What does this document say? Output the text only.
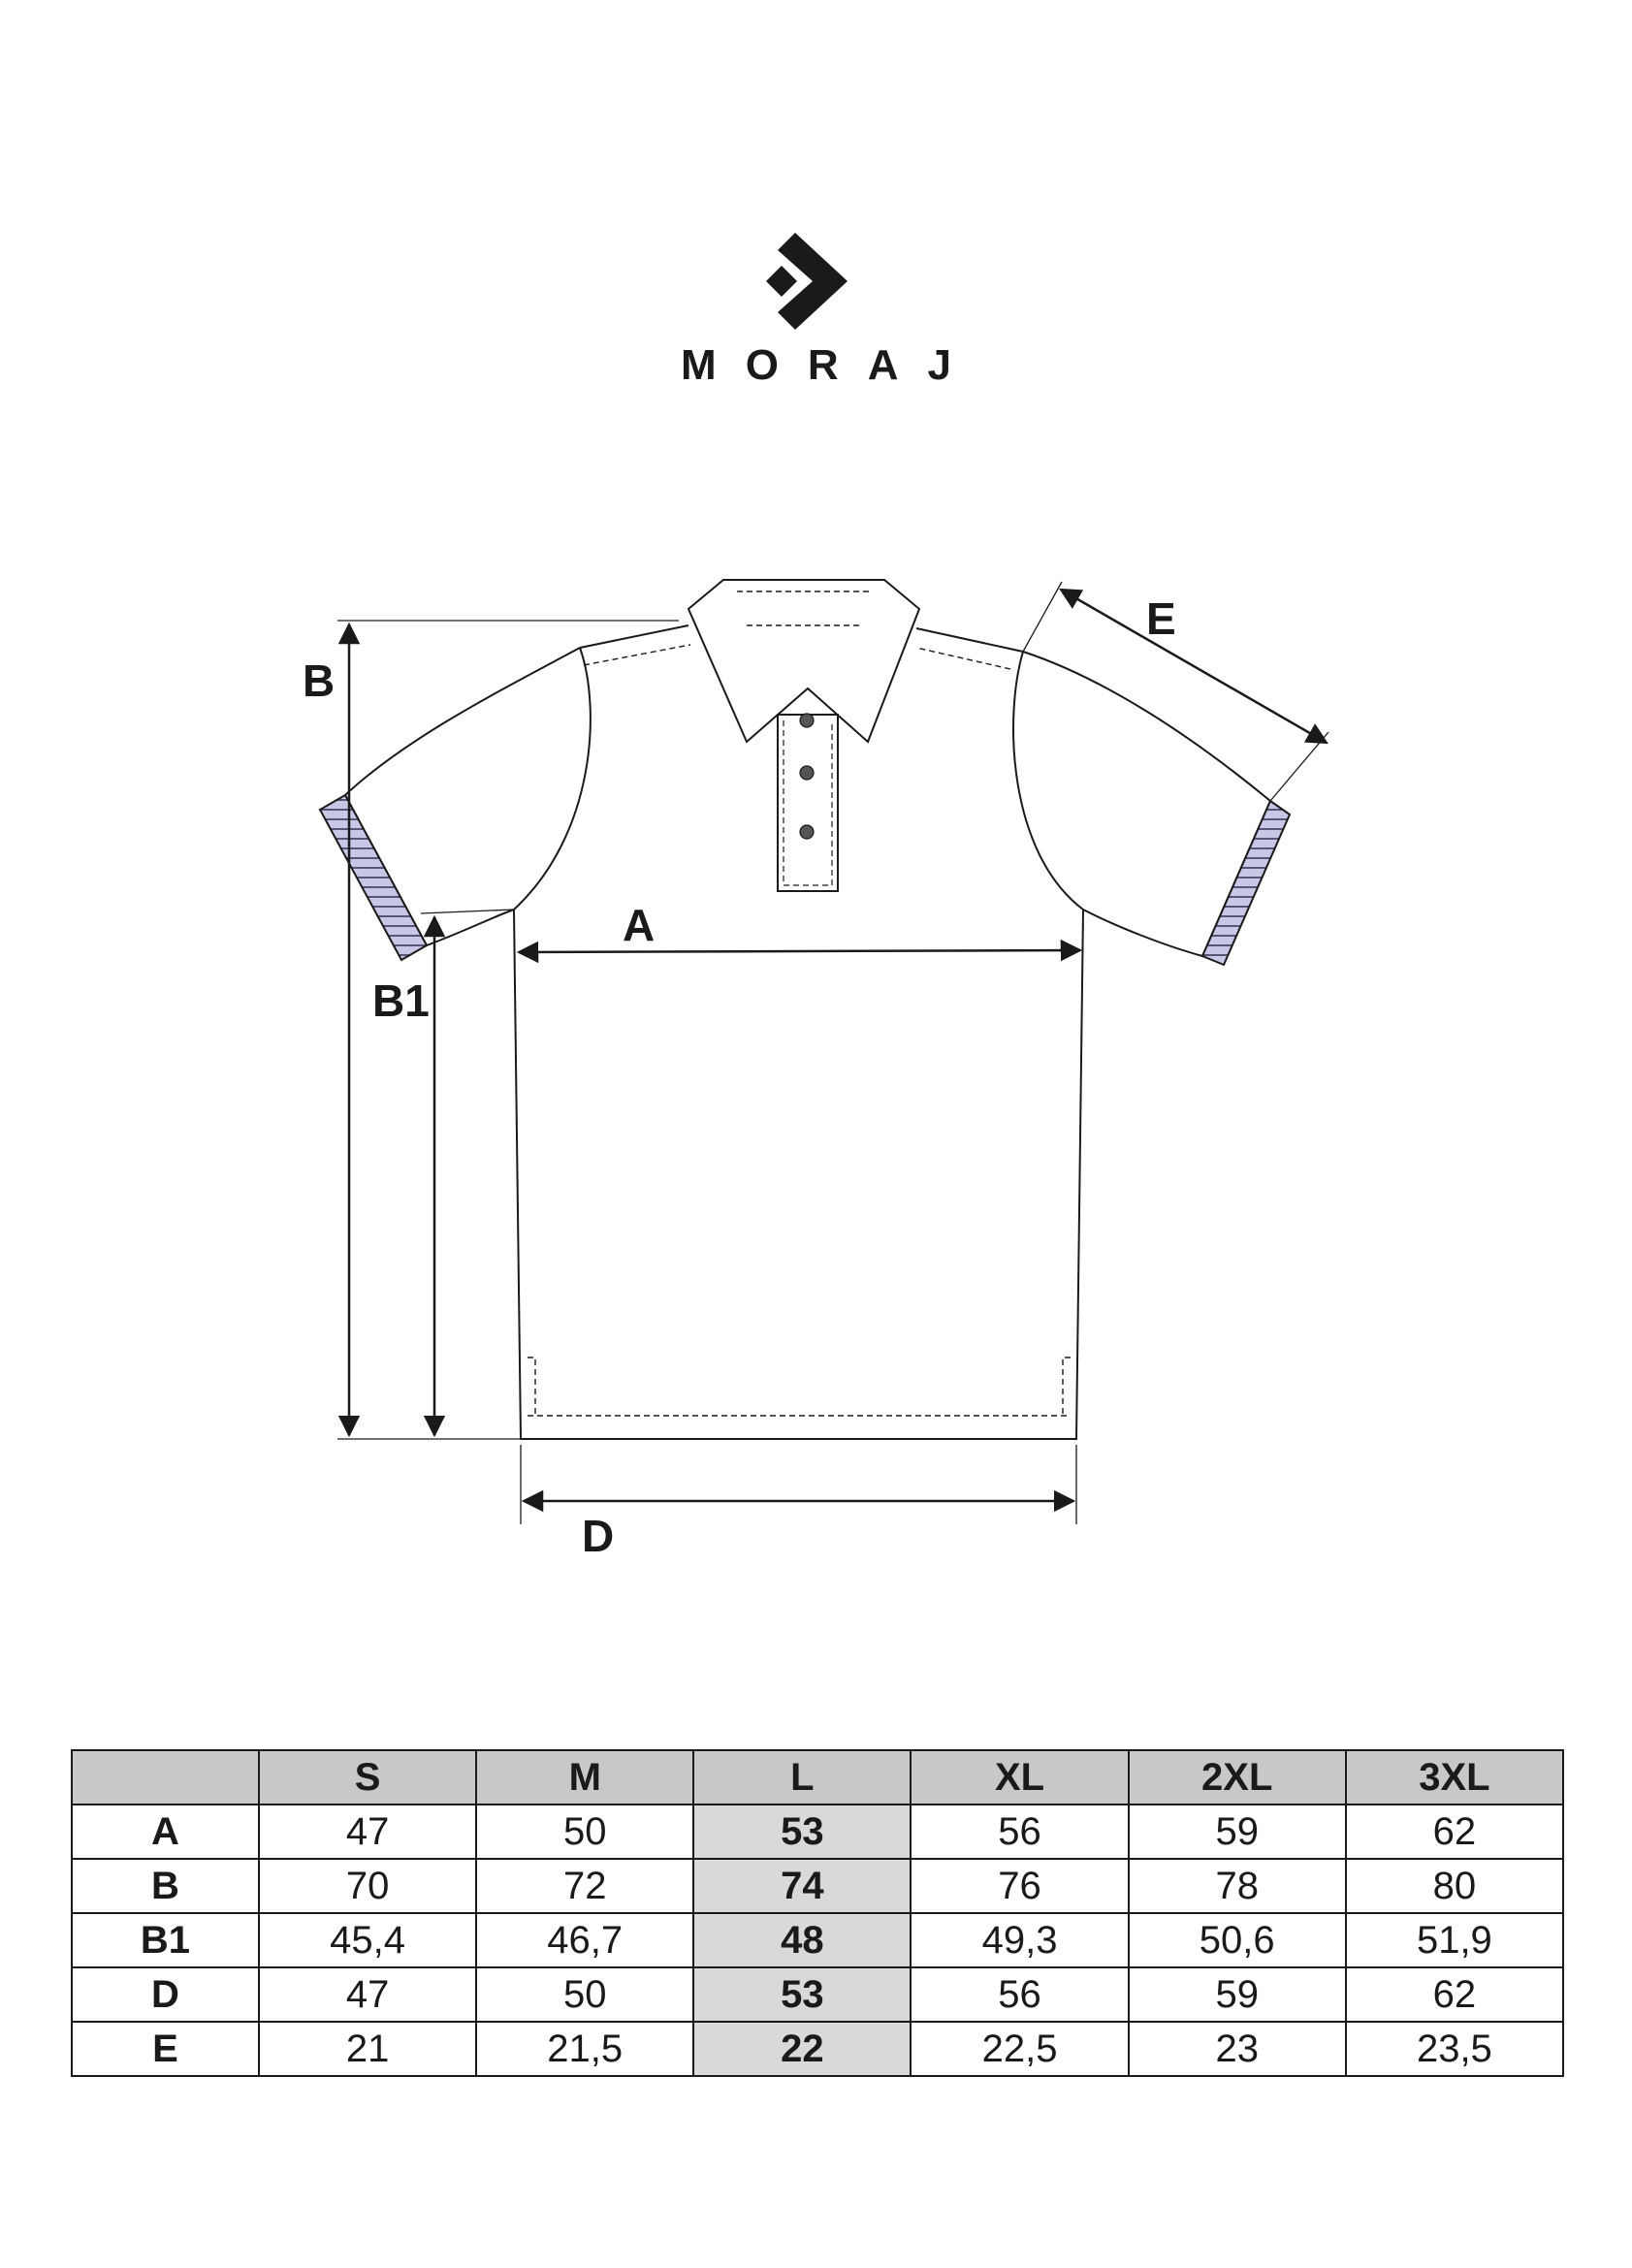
MORAJ
B
B1
A
D
E
	S	M	L	XL	2XL	3XL
A	47	50	53	56	59	62
B	70	72	74	76	78	80
B1	45,4	46,7	48	49,3	50,6	51,9
D	47	50	53	56	59	62
E	21	21,5	22	22,5	23	23,5
